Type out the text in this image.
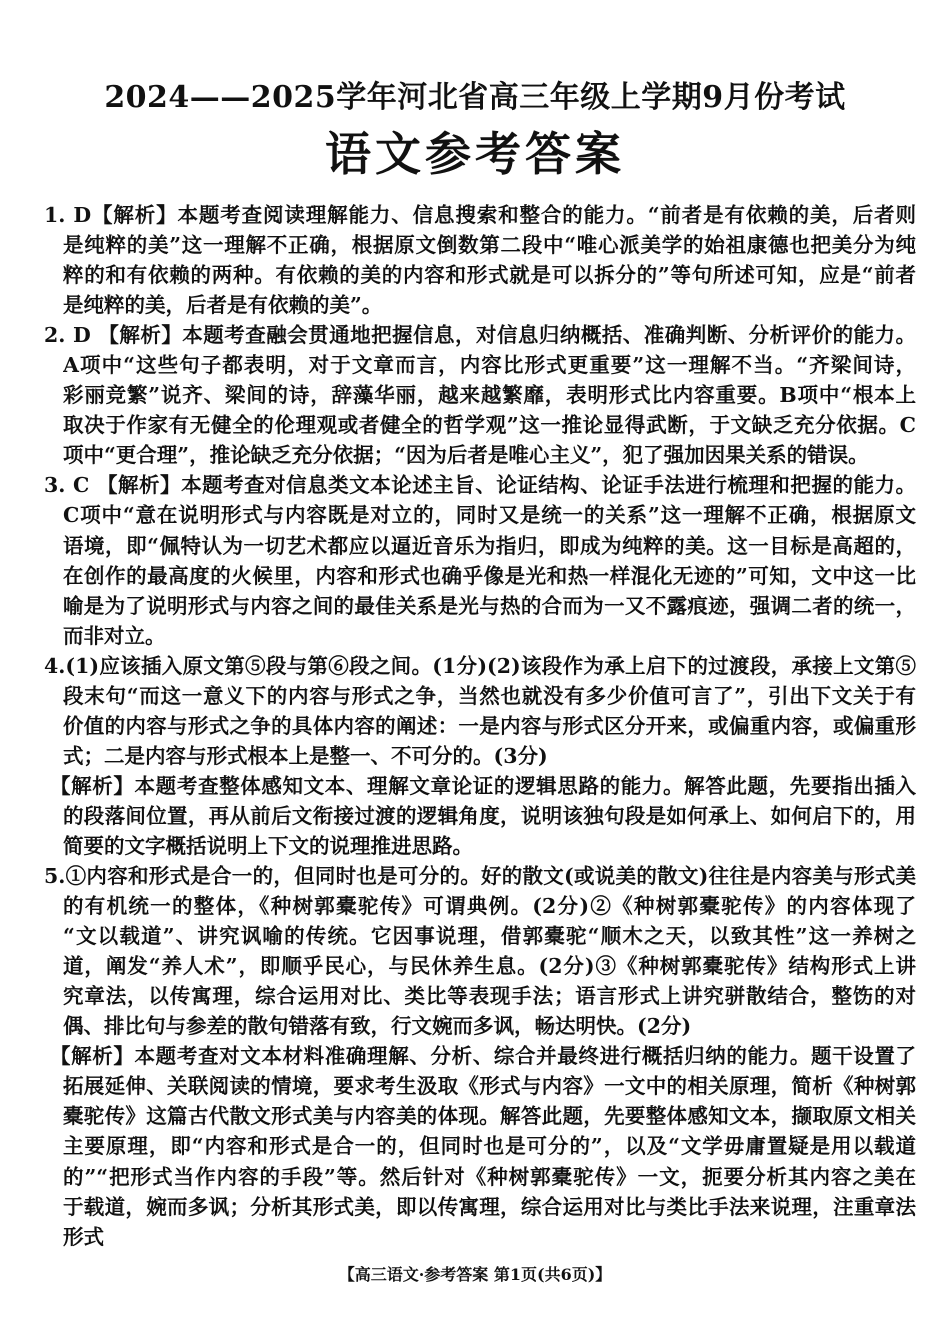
2024——2025学年河北省高三年级上学期9月份考试
语文参考答案
1. D【解析】本题考查阅读理解能力、信息搜索和整合的能力。“前者是有依赖的美，后者则
是纯粹的美”这一理解不正确，根据原文倒数第二段中“唯心派美学的始祖康德也把美分为纯
粹的和有依赖的两种。有依赖的美的内容和形式就是可以拆分的”等句所述可知，应是“前者
是纯粹的美，后者是有依赖的美”。
2. D 【解析】本题考查融会贯通地把握信息，对信息归纳概括、准确判断、分析评价的能力。
A项中“这些句子都表明，对于文章而言，内容比形式更重要”这一理解不当。“齐梁间诗，
彩丽竞繁”说齐、梁间的诗，辞藻华丽，越来越繁靡，表明形式比内容重要。B项中“根本上
取决于作家有无健全的伦理观或者健全的哲学观”这一推论显得武断，于文缺乏充分依据。C
项中“更合理”，推论缺乏充分依据；“因为后者是唯心主义”，犯了强加因果关系的错误。
3. C 【解析】本题考查对信息类文本论述主旨、论证结构、论证手法进行梳理和把握的能力。
C项中“意在说明形式与内容既是对立的，同时又是统一的关系”这一理解不正确，根据原文
语境，即“佩特认为一切艺术都应以逼近音乐为指归，即成为纯粹的美。这一目标是高超的，
在创作的最高度的火候里，内容和形式也确乎像是光和热一样混化无迹的”可知，文中这一比
喻是为了说明形式与内容之间的最佳关系是光与热的合而为一又不露痕迹，强调二者的统一，
而非对立。
4.(1)应该插入原文第⑤段与第⑥段之间。(1分)(2)该段作为承上启下的过渡段，承接上文第⑤
段末句“而这一意义下的内容与形式之争，当然也就没有多少价值可言了”，引出下文关于有
价值的内容与形式之争的具体内容的阐述：一是内容与形式区分开来，或偏重内容，或偏重形
式；二是内容与形式根本上是整一、不可分的。(3分)
【解析】本题考查整体感知文本、理解文章论证的逻辑思路的能力。解答此题，先要指出插入
的段落间位置，再从前后文衔接过渡的逻辑角度，说明该独句段是如何承上、如何启下的，用
简要的文字概括说明上下文的说理推进思路。
5.①内容和形式是合一的，但同时也是可分的。好的散文(或说美的散文)往往是内容美与形式美
的有机统一的整体，《种树郭橐驼传》可谓典例。(2分)②《种树郭橐驼传》的内容体现了
“文以载道”、讲究讽喻的传统。它因事说理，借郭橐驼“顺木之天，以致其性”这一养树之
道，阐发“养人术”，即顺乎民心，与民休养生息。(2分)③《种树郭橐驼传》结构形式上讲
究章法，以传寓理，综合运用对比、类比等表现手法；语言形式上讲究骈散结合，整饬的对
偶、排比句与参差的散句错落有致，行文婉而多讽，畅达明快。(2分)
【解析】本题考查对文本材料准确理解、分析、综合并最终进行概括归纳的能力。题干设置了
拓展延伸、关联阅读的情境，要求考生汲取《形式与内容》一文中的相关原理，简析《种树郭
橐驼传》这篇古代散文形式美与内容美的体现。解答此题，先要整体感知文本，撷取原文相关
主要原理，即“内容和形式是合一的，但同时也是可分的”，以及“文学毋庸置疑是用以载道
的”“把形式当作内容的手段”等。然后针对《种树郭橐驼传》一文，扼要分析其内容之美在
于载道，婉而多讽；分析其形式美，即以传寓理，综合运用对比与类比手法来说理，注重章法
形式
【高三语文·参考答案 第1页(共6页)】
